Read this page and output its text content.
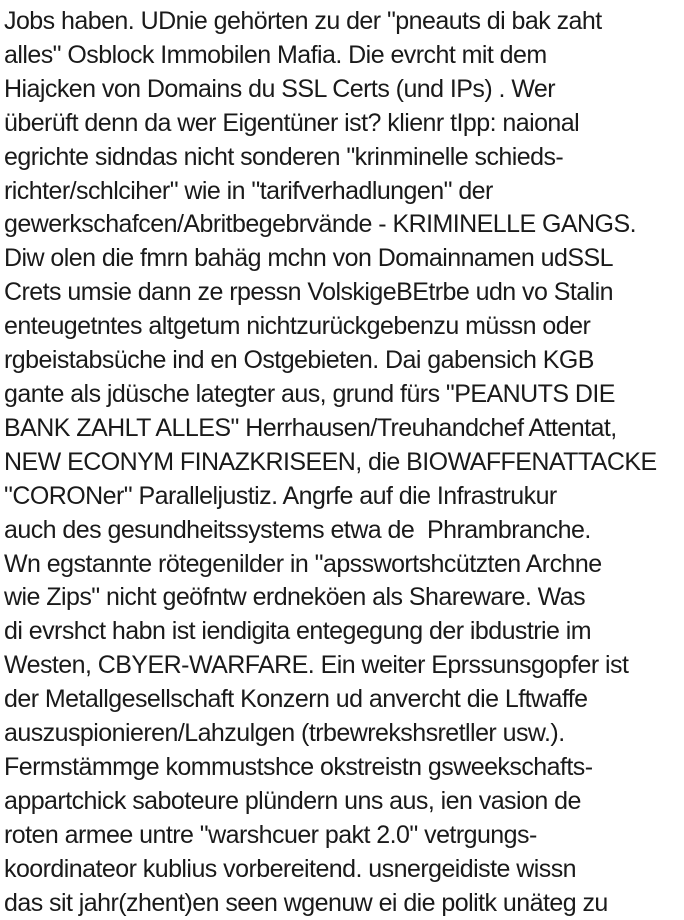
Jobs haben. UDnie gehörten zu der "pneauts di bak zaht
alles" Osblock Immobilen Mafia. Die evrcht mit dem
Hiajcken von Domains du SSL Certs (und IPs) . Wer
überüft denn da wer Eigentüner ist? klienr tIpp: naional
egrichte sidndas nicht sonderen "krinminelle schieds-
richter/schlciher" wie in "tarifverhadlungen" der
gewerkschafcen/Abritbegebrvände - KRIMINELLE GANGS.
Diw olen die fmrn bahäg mchn von Domainnamen udSSL
Crets umsie dann ze rpessn VolskigeBEtrbe udn vo Stalin
enteugetntes altgetum nichtzurückgebenzu müssn oder
rgbeistabsüche ind en Ostgebieten. Dai gabensich KGB
gante als jdüsche lategter aus, grund fürs "PEANUTS DIE
BANK ZAHLT ALLES" Herrhausen/Treuhandchef Attentat,
NEW ECONYM FINAZKRISEEN, die BIOWAFFENATTACKE
"CORONer" Paralleljustiz. Angrfe auf die Infrastrukur
auch des gesundheitssystems etwa de  Phrambranche.
Wn egstannte rötegenilder in "apsswortshcützten Archne
wie Zips" nicht geöfntw erdneköen als Shareware. Was
di evrshct habn ist iendigita entegegung der ibdustrie im
Westen, CBYER-WARFARE. Ein weiter Eprssunsgopfer ist
der Metallgesellschaft Konzern ud anvercht die Lftwaffe
auszuspionieren/Lahzulgen (trbewrekshsretller usw.).
Fermstämmge kommustshce okstreistn gsweekschafts-
appartchick saboteure plündern uns aus, ien vasion de
roten armee untre "warshcuer pakt 2.0" vetrgungs-
koordinateor kublius vorbereitend. usnergeidiste wissn
das sit jahr(zhent)en seen wgenuw ei die politk unäteg zu
